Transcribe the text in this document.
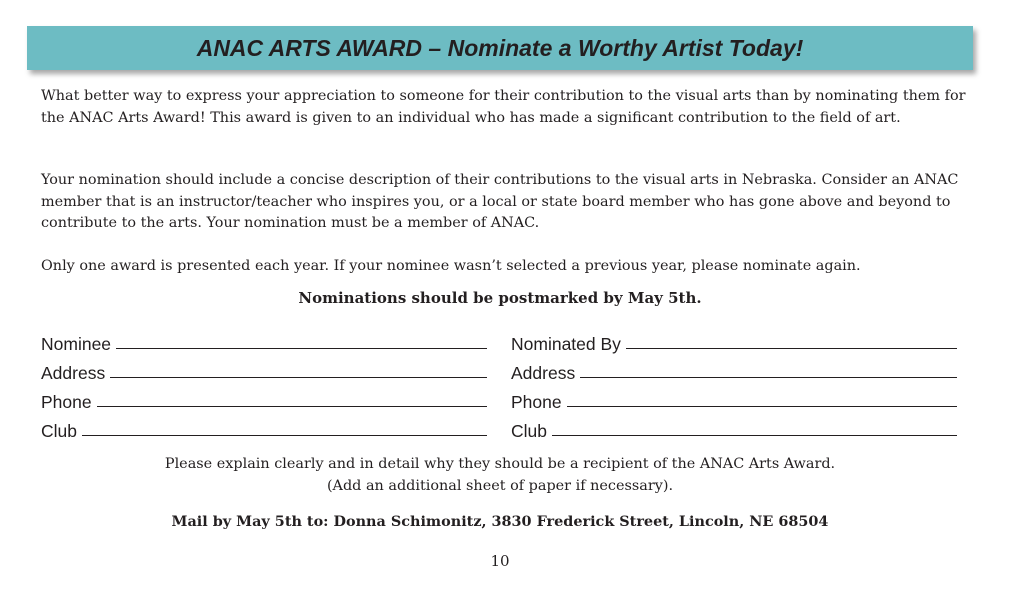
ANAC ARTS AWARD – Nominate a Worthy Artist Today!

What better way to express your appreciation to someone for their contribution to the visual arts than by nominating them for the ANAC Arts Award! This award is given to an individual who has made a significant contribution to the field of art.

Your nomination should include a concise description of their contributions to the visual arts in Nebraska. Consider an ANAC member that is an instructor/teacher who inspires you, or a local or state board member who has gone above and beyond to contribute to the arts. Your nomination must be a member of ANAC.

Only one award is presented each year. If your nominee wasn’t selected a previous year, please nominate again.

Nominations should be postmarked by May 5th.
Nominee
Address
Phone
Club
Nominated By
Address
Phone
Club
Please explain clearly and in detail why they should be a recipient of the ANAC Arts Award.
(Add an additional sheet of paper if necessary).
Mail by May 5th to: Donna Schimonitz, 3830 Frederick Street, Lincoln, NE 68504
10
